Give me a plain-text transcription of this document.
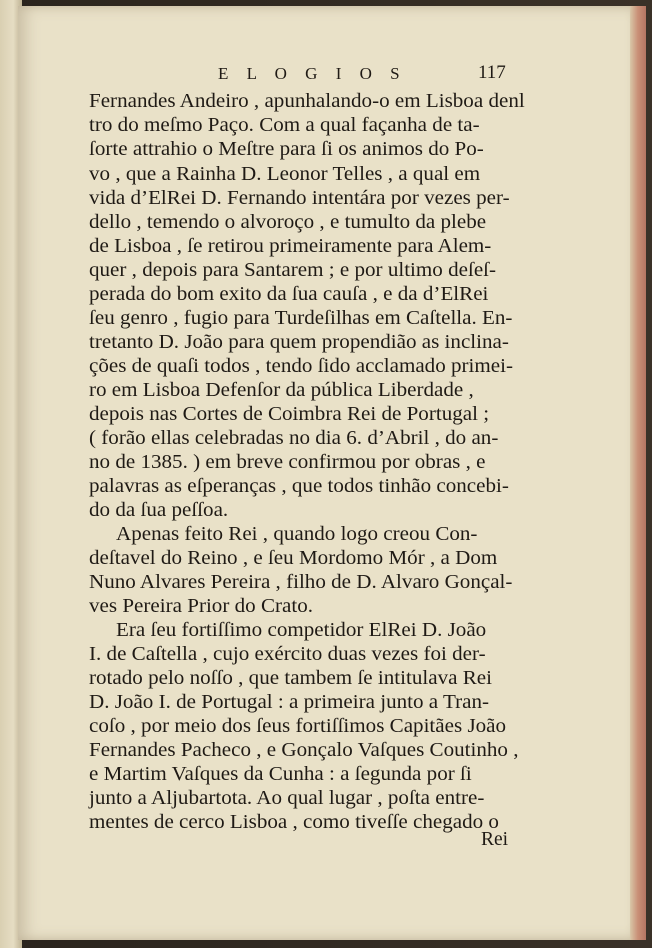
E L O G I O S	117

Fernandes Andeiro , apunhalando-o em Lisboa denl

tro do meſmo Paço. Com a qual façanha de ta-

ſorte attrahio o Meſtre para ſi os animos do Po-

vo , que a Rainha D. Leonor Telles , a qual em

vida d’ElRei D. Fernando intentára por vezes per-

dello , temendo o alvoroço , e tumulto da plebe

de Lisboa , ſe retirou primeiramente para Alem-

quer , depois para Santarem ; e por ultimo deſeſ-

perada do bom exito da ſua cauſa , e da d’ElRei

ſeu genro , fugio para Turdeſilhas em Caſtella. En-

tretanto D. João para quem propendião as inclina-

ções de quaſi todos , tendo ſido acclamado primei-

ro em Lisboa Defenſor da pública Liberdade ,

depois nas Cortes de Coimbra Rei de Portugal ;

( forão ellas celebradas no dia 6. d’Abril , do an-

no de 1385. ) em breve confirmou por obras , e

palavras as eſperanças , que todos tinhão concebi-

do da ſua peſſoa.

Apenas feito Rei , quando logo creou Con-

deſtavel do Reino , e ſeu Mordomo Mór , a Dom

Nuno Alvares Pereira , filho de D. Alvaro Gonçal-

ves Pereira Prior do Crato.

Era ſeu fortiſſimo competidor ElRei D. João

I. de Caſtella , cujo exército duas vezes foi der-

rotado pelo noſſo , que tambem ſe intitulava Rei

D. João I. de Portugal : a primeira junto a Tran-

coſo , por meio dos ſeus fortiſſimos Capitães João

Fernandes Pacheco , e Gonçalo Vaſques Coutinho ,

e Martim Vaſques da Cunha : a ſegunda por ſi

junto a Aljubartota. Ao qual lugar , poſta entre-

mentes de cerco Lisboa , como tiveſſe chegado o

Rei
